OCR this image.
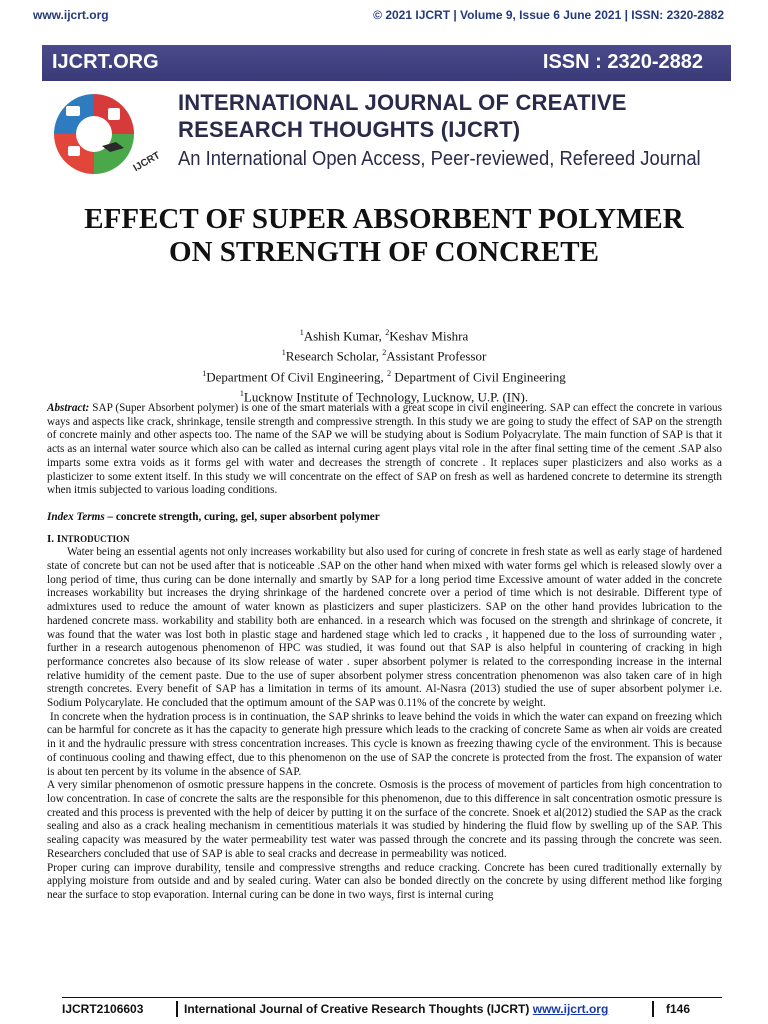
www.ijcrt.org	© 2021 IJCRT | Volume 9, Issue 6 June 2021 | ISSN: 2320-2882
IJCRT.ORG	ISSN : 2320-2882
IJCRT
INTERNATIONAL JOURNAL OF CREATIVE
RESEARCH THOUGHTS (IJCRT)
An International Open Access, Peer-reviewed, Refereed Journal
EFFECT OF SUPER ABSORBENT POLYMER
ON STRENGTH OF CONCRETE
$^1$Ashish Kumar, $^2$Keshav Mishra
$^1$Research Scholar, $^2$Assistant Professor
$^1$Department Of Civil Engineering, $^2$ Department of Civil Engineering
$^1$Lucknow Institute of Technology, Lucknow, U.P. (IN).

Abstract: SAP (Super Absorbent polymer) is one of the smart materials with a great scope in civil engineering. SAP can effect the concrete in various ways and aspects like crack, shrinkage, tensile strength and compressive strength. In this study we are going to study the effect of SAP on the strength of concrete mainly and other aspects too. The name of the SAP we will be studying about is Sodium Polyacrylate. The main function of SAP is that it acts as an internal water source which also can be called as internal curing agent plays vital role in the after final setting time of the cement .SAP also imparts some extra voids as it forms gel with water and decreases the strength of concrete . It replaces super plasticizers and also works as a plasticizer to some extent itself. In this study we will concentrate on the effect of SAP on fresh as well as hardened concrete to determine its strength when itmis subjected to various loading conditions.

Index Terms – concrete strength, curing, gel, super absorbent polymer

I. INTRODUCTION

Water being an essential agents not only increases workability but also used for curing of concrete in fresh state as well as early stage of hardened state of concrete but can not be used after that is noticeable .SAP on the other hand when mixed with water forms gel which is released slowly over a long period of time, thus curing can be done internally and smartly by SAP for a long period time Excessive amount of water added in the concrete increases workability but increases the drying shrinkage of the hardened concrete over a period of time which is not desirable. Different type of admixtures used to reduce the amount of water known as plasticizers and super plasticizers. SAP on the other hand provides lubrication to the hardened concrete mass. workability and stability both are enhanced. in a research which was focused on the strength and shrinkage of concrete, it was found that the water was lost both in plastic stage and hardened stage which led to cracks , it happened due to the loss of surrounding water , further in a research autogenous phenomenon of HPC was studied, it was found out that SAP is also helpful in countering of cracking in high performance concretes also because of its slow release of water . super absorbent polymer is related to the corresponding increase in the internal relative humidity of the cement paste. Due to the use of super absorbent polymer stress concentration phenomenon was also taken care of in high strength concretes. Every benefit of SAP has a limitation in terms of its amount. Al-Nasra (2013) studied the use of super absorbent polymer i.e. Sodium Polycarylate. He concluded that the optimum amount of the SAP was 0.11% of the concrete by weight.

In concrete when the hydration process is in continuation, the SAP shrinks to leave behind the voids in which the water can expand on freezing which can be harmful for concrete as it has the capacity to generate high pressure which leads to the cracking of concrete Same as when air voids are created in it and the hydraulic pressure with stress concentration increases. This cycle is known as freezing thawing cycle of the environment. This is because of continuous cooling and thawing effect, due to this phenomenon on the use of SAP the concrete is protected from the frost. The expansion of water is about ten percent by its volume in the absence of SAP.

A very similar phenomenon of osmotic pressure happens in the concrete. Osmosis is the process of movement of particles from high concentration to low concentration. In case of concrete the salts are the responsible for this phenomenon, due to this difference in salt concentration osmotic pressure is created and this process is prevented with the help of deicer by putting it on the surface of the concrete. Snoek et al(2012) studied the SAP as the crack sealing and also as a crack healing mechanism in cementitious materials it was studied by hindering the fluid flow by swelling up of the SAP. This sealing capacity was measured by the water permeability test water was passed through the concrete and its passing through the concrete was seen. Researchers concluded that use of SAP is able to seal cracks and decrease in permeability was noticed.

Proper curing can improve durability, tensile and compressive strengths and reduce cracking. Concrete has been cured traditionally externally by applying moisture from outside and and by sealed curing. Water can also be bonded directly on the concrete by using different method like forging near the surface to stop evaporation. Internal curing can be done in two ways, first is internal curing

IJCRT2106603	International Journal of Creative Research Thoughts (IJCRT) www.ijcrt.org	f146
